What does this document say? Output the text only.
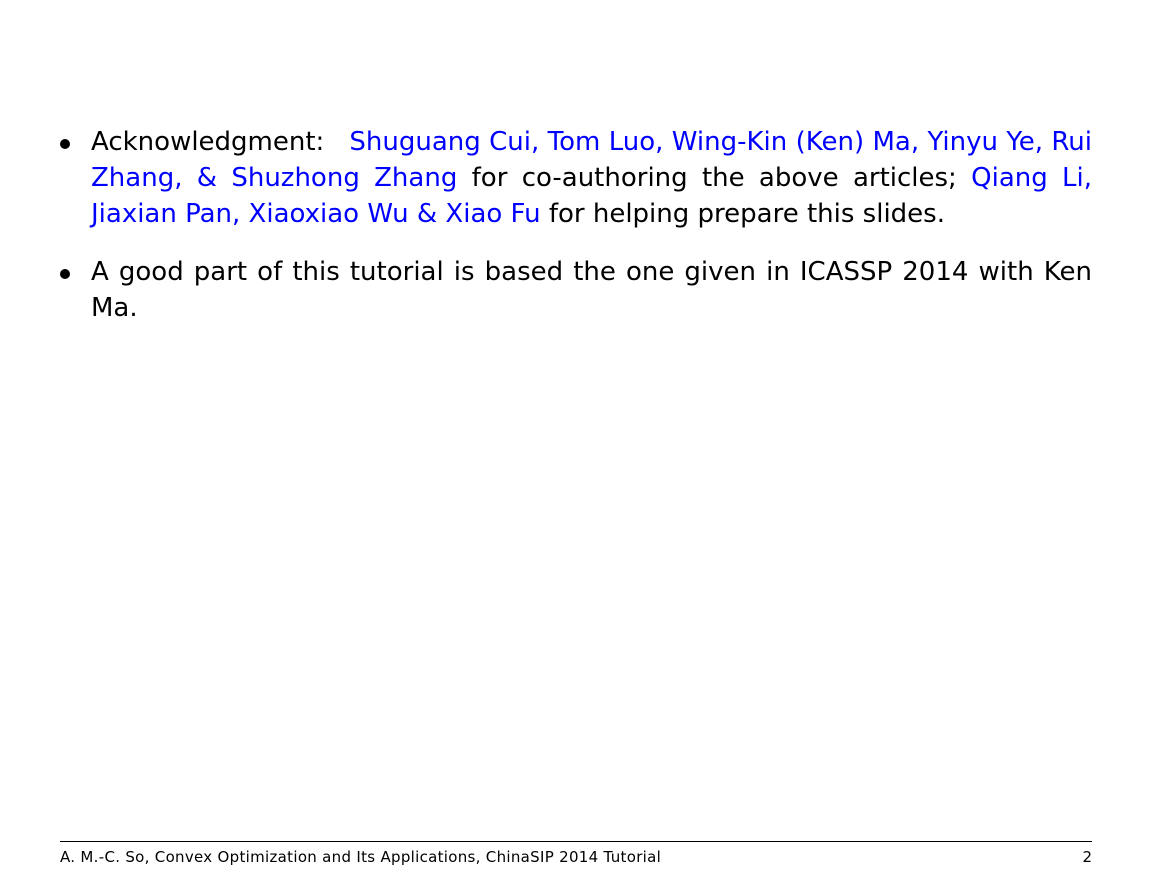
Acknowledgment: Shuguang Cui, Tom Luo, Wing-Kin (Ken) Ma, Yinyu Ye, Rui Zhang, & Shuzhong Zhang for co-authoring the above articles; Qiang Li, Jiaxian Pan, Xiaoxiao Wu & Xiao Fu for helping prepare this slides.
A good part of this tutorial is based the one given in ICASSP 2014 with Ken Ma.
A. M.-C. So, Convex Optimization and Its Applications, ChinaSIP 2014 Tutorial	2
